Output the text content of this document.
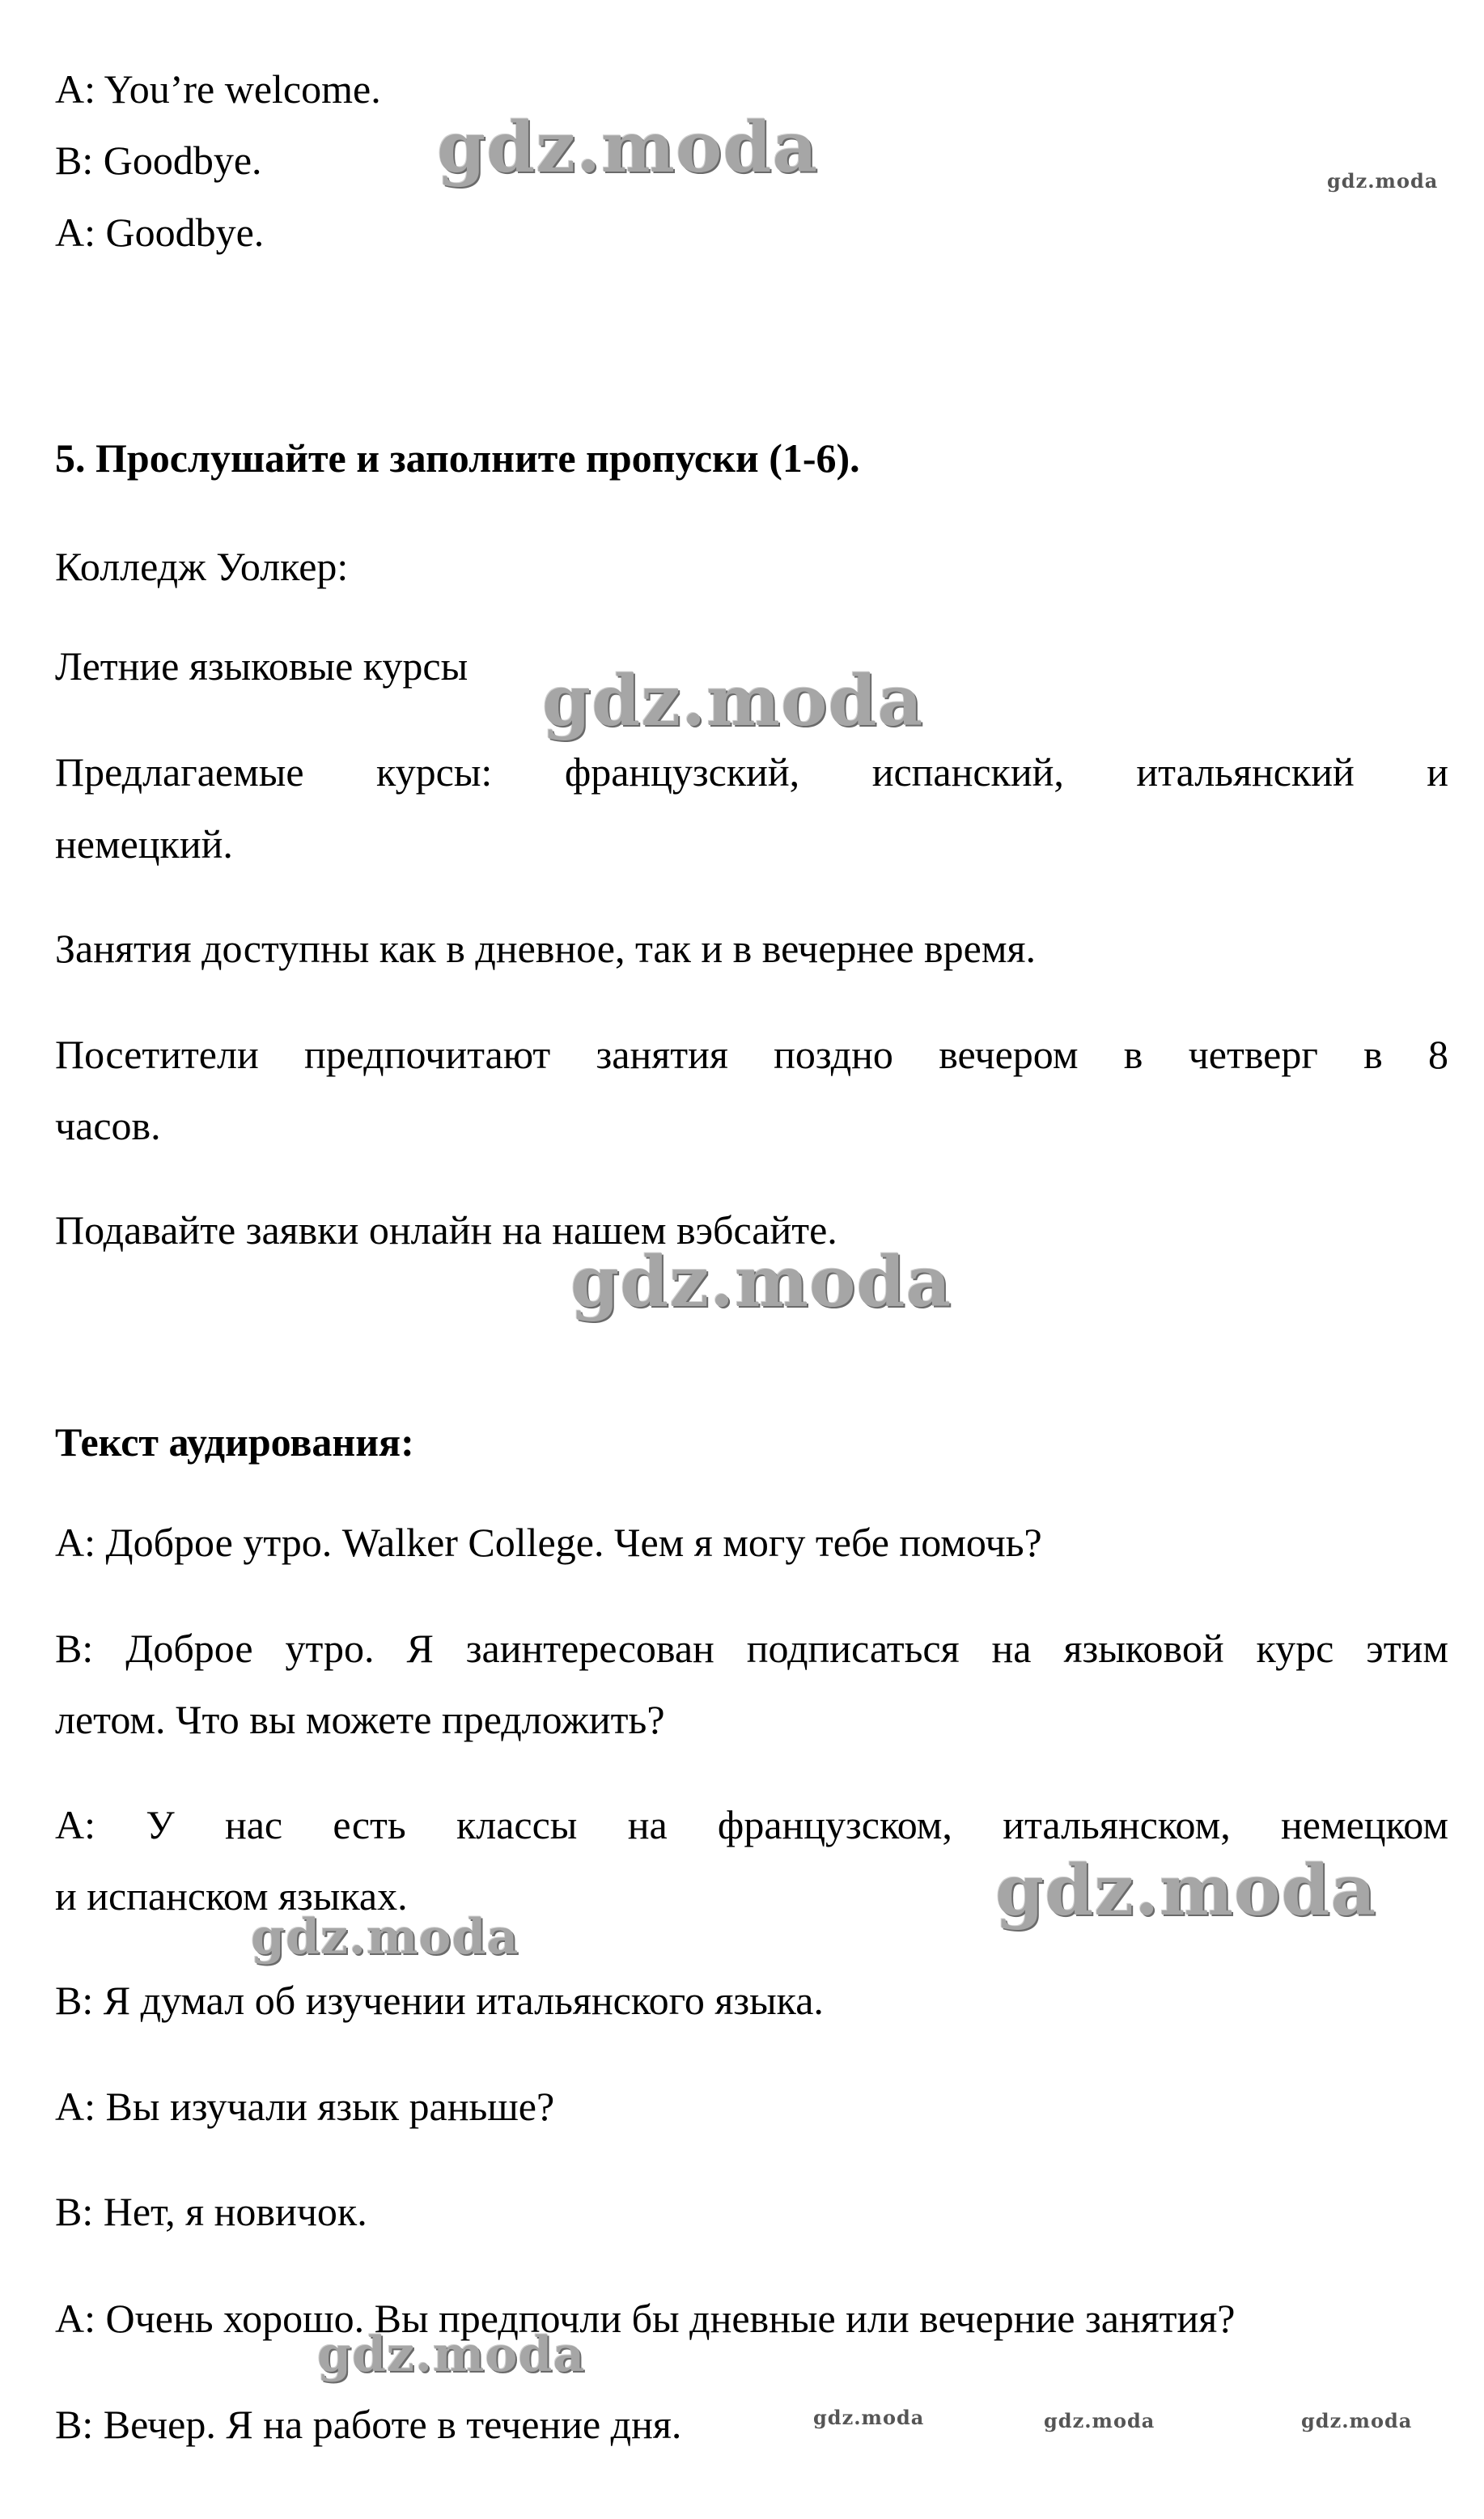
A: You’re welcome.
B: Goodbye.
A: Goodbye.
5. Прослушайте и заполните пропуски (1-6).
Колледж Уолкер:
Летние языковые курсы
Предлагаемые курсы: французский, испанский, итальянский и
немецкий.
Занятия доступны как в дневное, так и в вечернее время.
Посетители предпочитают занятия поздно вечером в четверг в 8
часов.
Подавайте заявки онлайн на нашем вэбсайте.
Текст аудирования:
A: Доброе утро. Walker College. Чем я могу тебе помочь?
B: Доброе утро. Я заинтересован подписаться на языковой курс этим
летом. Что вы можете предложить?
A: У нас есть классы на французском, итальянском, немецком
и испанском языках.
B: Я думал об изучении итальянского языка.
A: Вы изучали язык раньше?
B: Нет, я новичок.
A: Очень хорошо. Вы предпочли бы дневные или вечерние занятия?
B: Вечер. Я на работе в течение дня.
gdz.moda	gdz.moda
gdz.moda
gdz.moda
gdz.moda
gdz.moda
gdz.moda
gdz.moda	gdz.moda	gdz.moda
